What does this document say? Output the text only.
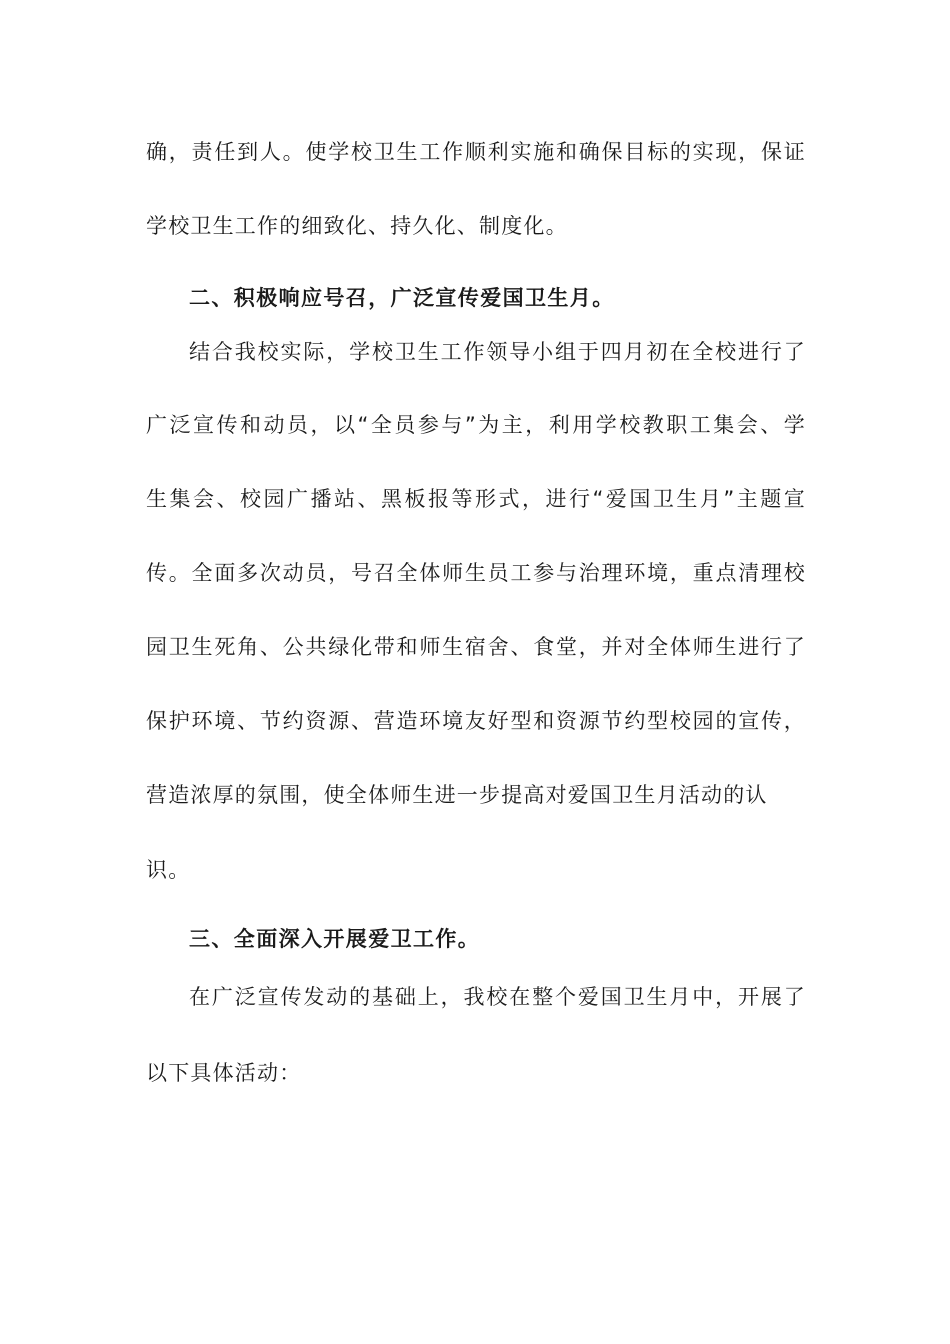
确，责任到人。使学校卫生工作顺利实施和确保目标的实现，保证
学校卫生工作的细致化、持久化、制度化。
二、积极响应号召，广泛宣传爱国卫生月。
结合我校实际，学校卫生工作领导小组于四月初在全校进行了
广泛宣传和动员，以“全员参与”为主，利用学校教职工集会、学
生集会、校园广播站、黑板报等形式，进行“爱国卫生月”主题宣
传。全面多次动员，号召全体师生员工参与治理环境，重点清理校
园卫生死角、公共绿化带和师生宿舍、食堂，并对全体师生进行了
保护环境、节约资源、营造环境友好型和资源节约型校园的宣传，
营造浓厚的氛围，使全体师生进一步提高对爱国卫生月活动的认
识。
三、全面深入开展爱卫工作。
在广泛宣传发动的基础上，我校在整个爱国卫生月中，开展了
以下具体活动：
